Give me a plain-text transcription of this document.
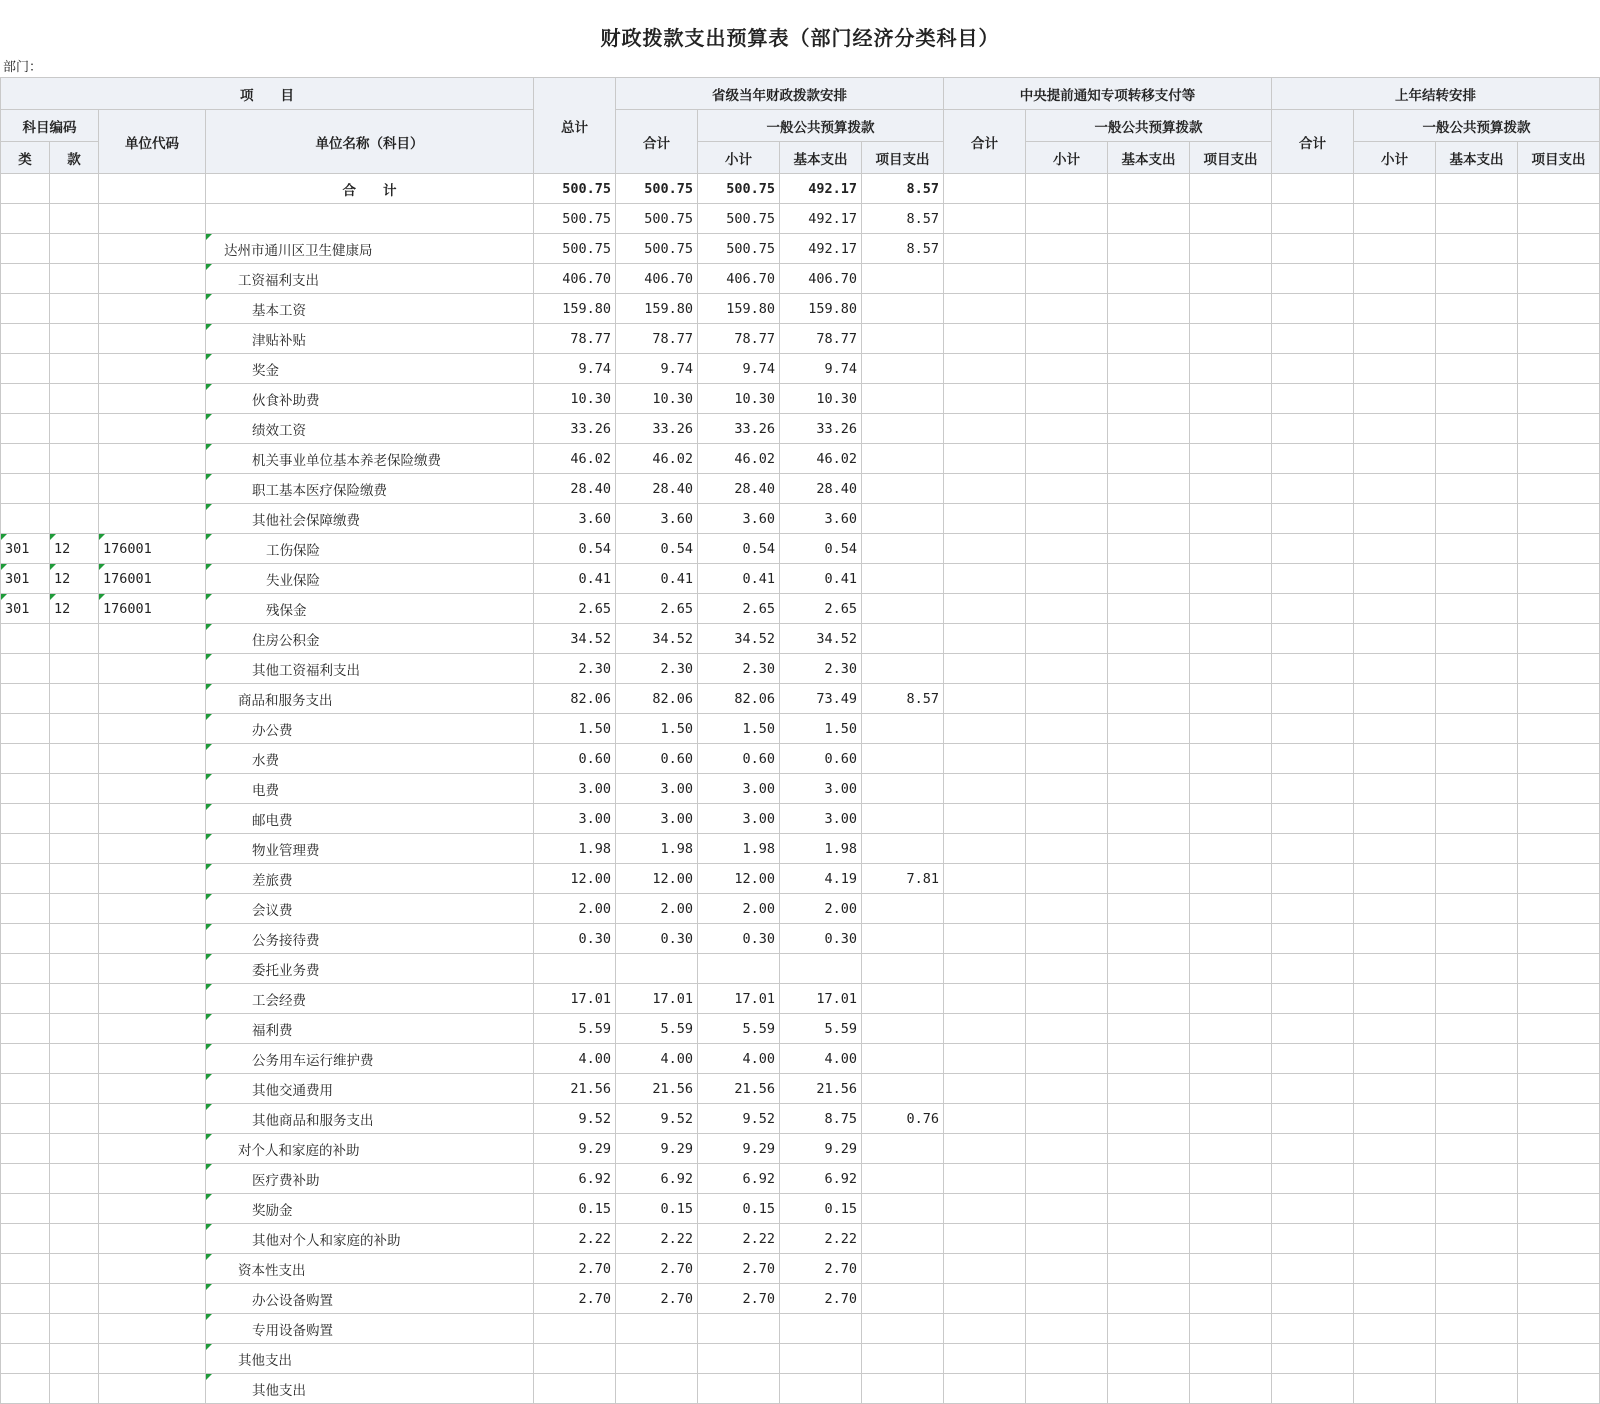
财政拨款支出预算表（部门经济分类科目）
部门：
项　　目				总计	省级当年财政拨款安排				中央提前通知专项转移支付等				上年结转安排			
科目编码		单位代码	单位名称（科目）		合计	一般公共预算拨款			合计	一般公共预算拨款			合计	一般公共预算拨款		
类	款					小计	基本支出	项目支出		小计	基本支出	项目支出		小计	基本支出	项目支出
			合　　计	500.75	500.75	500.75	492.17	8.57								
				500.75	500.75	500.75	492.17	8.57								
			达州市通川区卫生健康局	500.75	500.75	500.75	492.17	8.57								
			工资福利支出	406.70	406.70	406.70	406.70									
			基本工资	159.80	159.80	159.80	159.80									
			津贴补贴	78.77	78.77	78.77	78.77									
			奖金	9.74	9.74	9.74	9.74									
			伙食补助费	10.30	10.30	10.30	10.30									
			绩效工资	33.26	33.26	33.26	33.26									
			机关事业单位基本养老保险缴费	46.02	46.02	46.02	46.02									
			职工基本医疗保险缴费	28.40	28.40	28.40	28.40									
			其他社会保障缴费	3.60	3.60	3.60	3.60									
301	12	176001	工伤保险	0.54	0.54	0.54	0.54									
301	12	176001	失业保险	0.41	0.41	0.41	0.41									
301	12	176001	残保金	2.65	2.65	2.65	2.65									
			住房公积金	34.52	34.52	34.52	34.52									
			其他工资福利支出	2.30	2.30	2.30	2.30									
			商品和服务支出	82.06	82.06	82.06	73.49	8.57								
			办公费	1.50	1.50	1.50	1.50									
			水费	0.60	0.60	0.60	0.60									
			电费	3.00	3.00	3.00	3.00									
			邮电费	3.00	3.00	3.00	3.00									
			物业管理费	1.98	1.98	1.98	1.98									
			差旅费	12.00	12.00	12.00	4.19	7.81								
			会议费	2.00	2.00	2.00	2.00									
			公务接待费	0.30	0.30	0.30	0.30									
			委托业务费													
			工会经费	17.01	17.01	17.01	17.01									
			福利费	5.59	5.59	5.59	5.59									
			公务用车运行维护费	4.00	4.00	4.00	4.00									
			其他交通费用	21.56	21.56	21.56	21.56									
			其他商品和服务支出	9.52	9.52	9.52	8.75	0.76								
			对个人和家庭的补助	9.29	9.29	9.29	9.29									
			医疗费补助	6.92	6.92	6.92	6.92									
			奖励金	0.15	0.15	0.15	0.15									
			其他对个人和家庭的补助	2.22	2.22	2.22	2.22									
			资本性支出	2.70	2.70	2.70	2.70									
			办公设备购置	2.70	2.70	2.70	2.70									
			专用设备购置													
			其他支出													
			其他支出													
